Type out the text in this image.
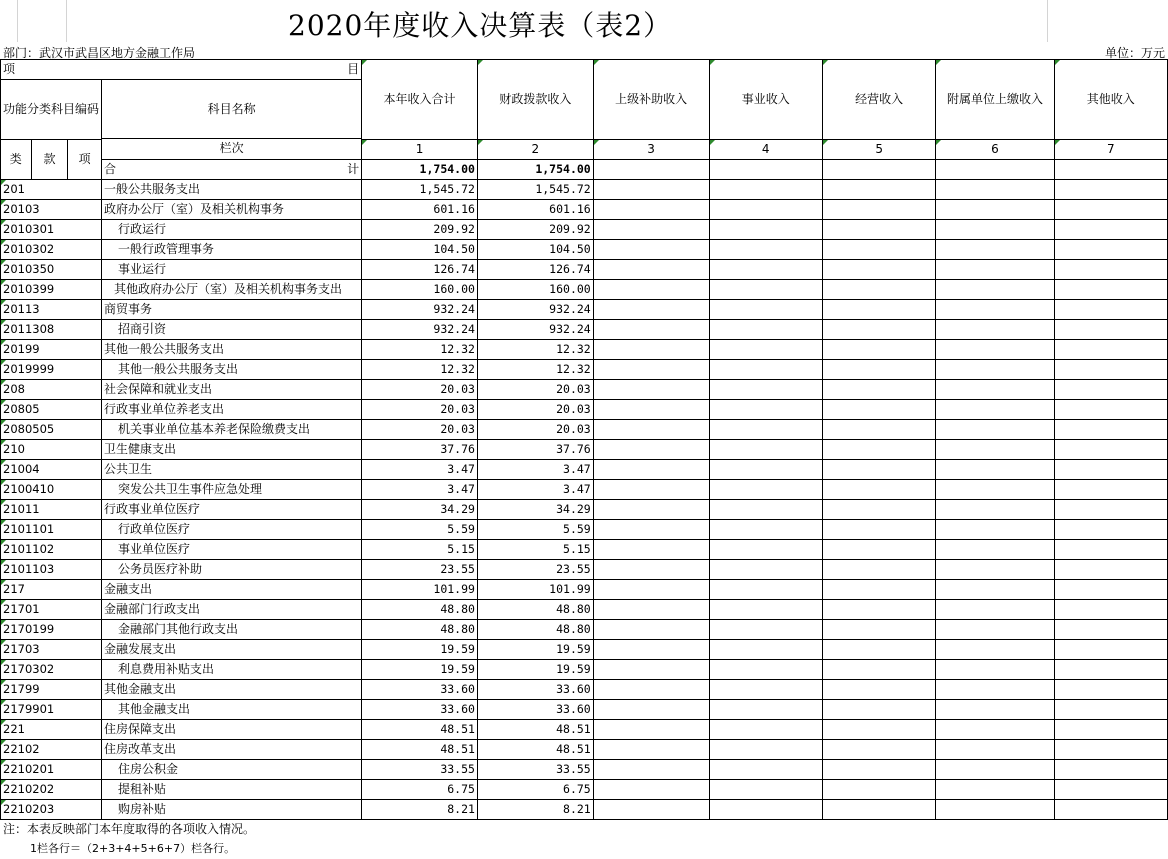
2020年度收入决算表（表2）
部门：武汉市武昌区地方金融工作局	单位：万元
项 目				本年收入合计	财政拨款收入	上级补助收入	事业收入	经营收入	附属单位上缴收入	其他收入
功能分类科目编码			科目名称
栏次							

类	款	项		1	2	3	4	5	6	7

			合 计	1,754.00	1,754.00					
201			一般公共服务支出	1,545.72	1,545.72					
20103			政府办公厅（室）及相关机构事务	601.16	601.16					
2010301			行政运行	209.92	209.92					
2010302			一般行政管理事务	104.50	104.50					
2010350			事业运行	126.74	126.74					
2010399			其他政府办公厅（室）及相关机构事务支出	160.00	160.00					
20113			商贸事务	932.24	932.24					
2011308			招商引资	932.24	932.24					
20199			其他一般公共服务支出	12.32	12.32					
2019999			其他一般公共服务支出	12.32	12.32					
208			社会保障和就业支出	20.03	20.03					
20805			行政事业单位养老支出	20.03	20.03					
2080505			机关事业单位基本养老保险缴费支出	20.03	20.03					
210			卫生健康支出	37.76	37.76					
21004			公共卫生	3.47	3.47					
2100410			突发公共卫生事件应急处理	3.47	3.47					
21011			行政事业单位医疗	34.29	34.29					
2101101			行政单位医疗	5.59	5.59					
2101102			事业单位医疗	5.15	5.15					
2101103			公务员医疗补助	23.55	23.55					
217			金融支出	101.99	101.99					
21701			金融部门行政支出	48.80	48.80					
2170199			金融部门其他行政支出	48.80	48.80					
21703			金融发展支出	19.59	19.59					
2170302			利息费用补贴支出	19.59	19.59					
21799			其他金融支出	33.60	33.60					
2179901			其他金融支出	33.60	33.60					
221			住房保障支出	48.51	48.51					
22102			住房改革支出	48.51	48.51					
2210201			住房公积金	33.55	33.55					
2210202			提租补贴	6.75	6.75					
2210203			购房补贴	8.21	8.21					
注：本表反映部门本年度取得的各项收入情况。
1栏各行＝（2+3+4+5+6+7）栏各行。
